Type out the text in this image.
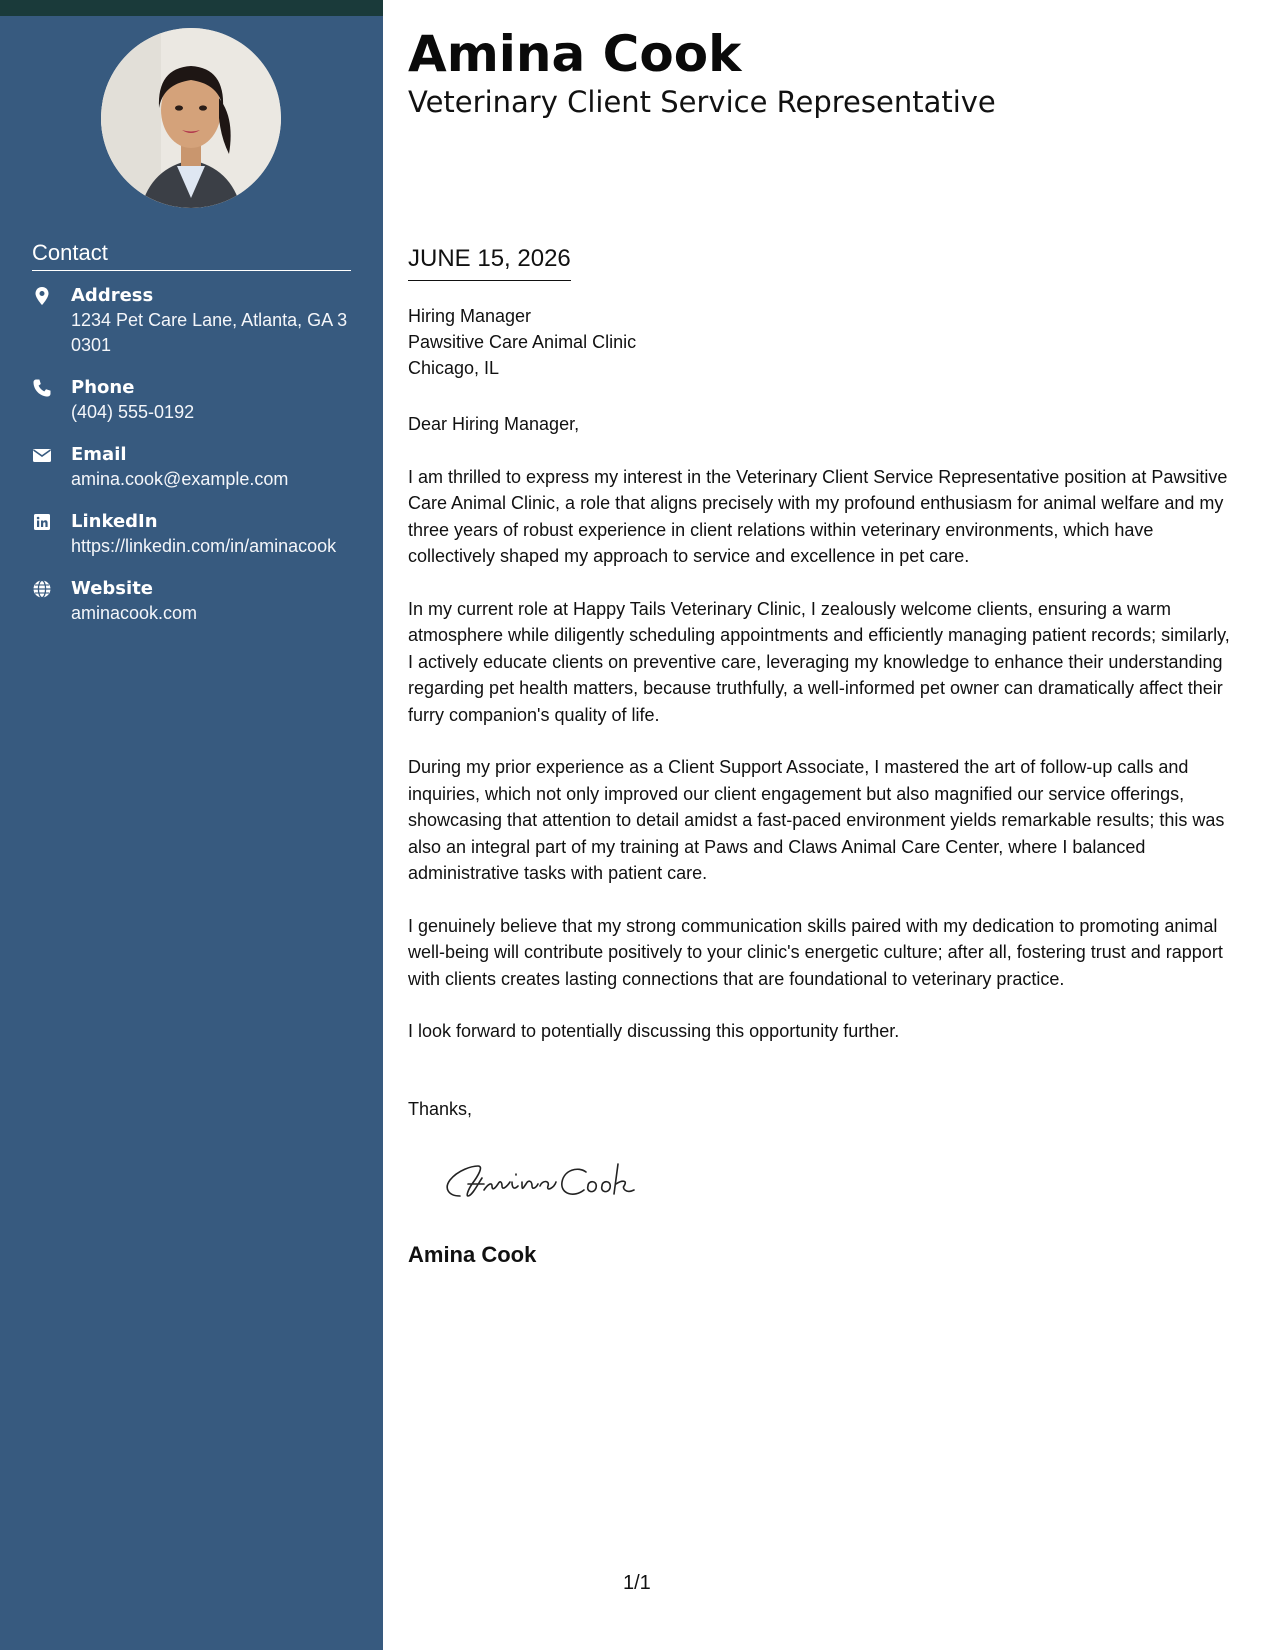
Contact
Address
1234 Pet Care Lane, Atlanta, GA 30301
Phone
(404) 555-0192
Email
amina.cook@example.com
LinkedIn
https://linkedin.com/in/aminacook
Website
aminacook.com
Amina Cook
Veterinary Client Service Representative
JUNE 15, 2026
Hiring Manager
Pawsitive Care Animal Clinic
Chicago, IL

Dear Hiring Manager,

I am thrilled to express my interest in the Veterinary Client Service Representative position at Pawsitive Care Animal Clinic, a role that aligns precisely with my profound enthusiasm for animal welfare and my three years of robust experience in client relations within veterinary environments, which have collectively shaped my approach to service and excellence in pet care.

In my current role at Happy Tails Veterinary Clinic, I zealously welcome clients, ensuring a warm atmosphere while diligently scheduling appointments and efficiently managing patient records; similarly, I actively educate clients on preventive care, leveraging my knowledge to enhance their understanding regarding pet health matters, because truthfully, a well-informed pet owner can dramatically affect their furry companion's quality of life.

During my prior experience as a Client Support Associate, I mastered the art of follow-up calls and inquiries, which not only improved our client engagement but also magnified our service offerings, showcasing that attention to detail amidst a fast-paced environment yields remarkable results; this was also an integral part of my training at Paws and Claws Animal Care Center, where I balanced administrative tasks with patient care.

I genuinely believe that my strong communication skills paired with my dedication to promoting animal well-being will contribute positively to your clinic's energetic culture; after all, fostering trust and rapport with clients creates lasting connections that are foundational to veterinary practice.

I look forward to potentially discussing this opportunity further.

Thanks,
Amina Cook
1/1
